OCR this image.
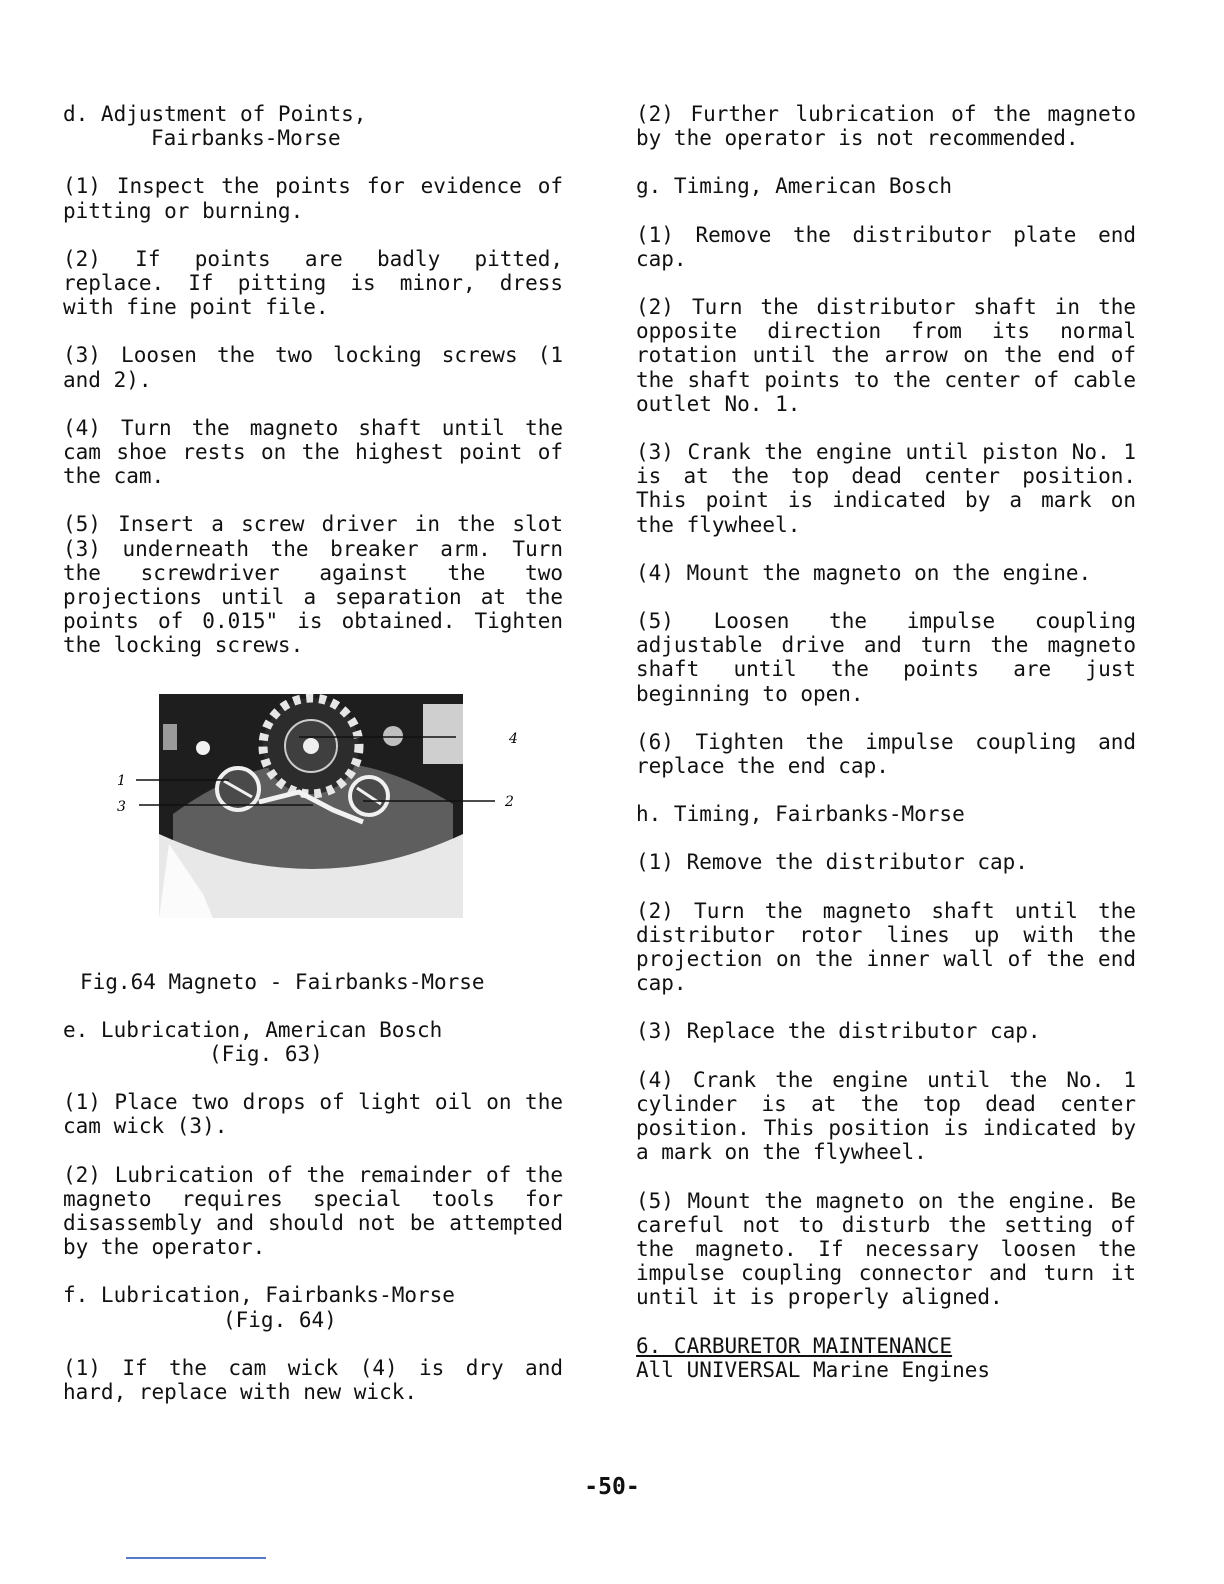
d. Adjustment of Points,
Fairbanks-Morse

(1) Inspect the points for evidence of pitting or burning.

(2) If points are badly pitted, replace. If pitting is minor, dress with fine point file.

(3) Loosen the two locking screws (1 and 2).

(4) Turn the magneto shaft until the cam shoe rests on the highest point of the cam.

(5) Insert a screw driver in the slot (3) underneath the breaker arm. Turn the screwdriver against the two projections until a separation at the points of 0.015" is obtained. Tighten the locking screws.

4
1
3	2

Fig.64 Magneto - Fairbanks-Morse

e. Lubrication, American Bosch
(Fig. 63)

(1) Place two drops of light oil on the cam wick (3).

(2) Lubrication of the remainder of the magneto requires special tools for disassembly and should not be attempted by the operator.

f. Lubrication, Fairbanks-Morse
(Fig. 64)

(1) If the cam wick (4) is dry and hard, replace with new wick.

(2) Further lubrication of the magneto by the operator is not recommended.

g. Timing, American Bosch

(1) Remove the distributor plate end cap.

(2) Turn the distributor shaft in the opposite direction from its normal rotation until the arrow on the end of the shaft points to the center of cable outlet No. 1.

(3) Crank the engine until piston No. 1 is at the top dead center position. This point is indicated by a mark on the flywheel.

(4) Mount the magneto on the engine.

(5) Loosen the impulse coupling adjustable drive and turn the magneto shaft until the points are just beginning to open.

(6) Tighten the impulse coupling and replace the end cap.

h. Timing, Fairbanks-Morse

(1) Remove the distributor cap.

(2) Turn the magneto shaft until the distributor rotor lines up with the projection on the inner wall of the end cap.

(3) Replace the distributor cap.

(4) Crank the engine until the No. 1 cylinder is at the top dead center position. This position is indicated by a mark on the flywheel.

(5) Mount the magneto on the engine. Be careful not to disturb the setting of the magneto. If necessary loosen the impulse coupling connector and turn it until it is properly aligned.

6. CARBURETOR MAINTENANCE
All UNIVERSAL Marine Engines

-50-
